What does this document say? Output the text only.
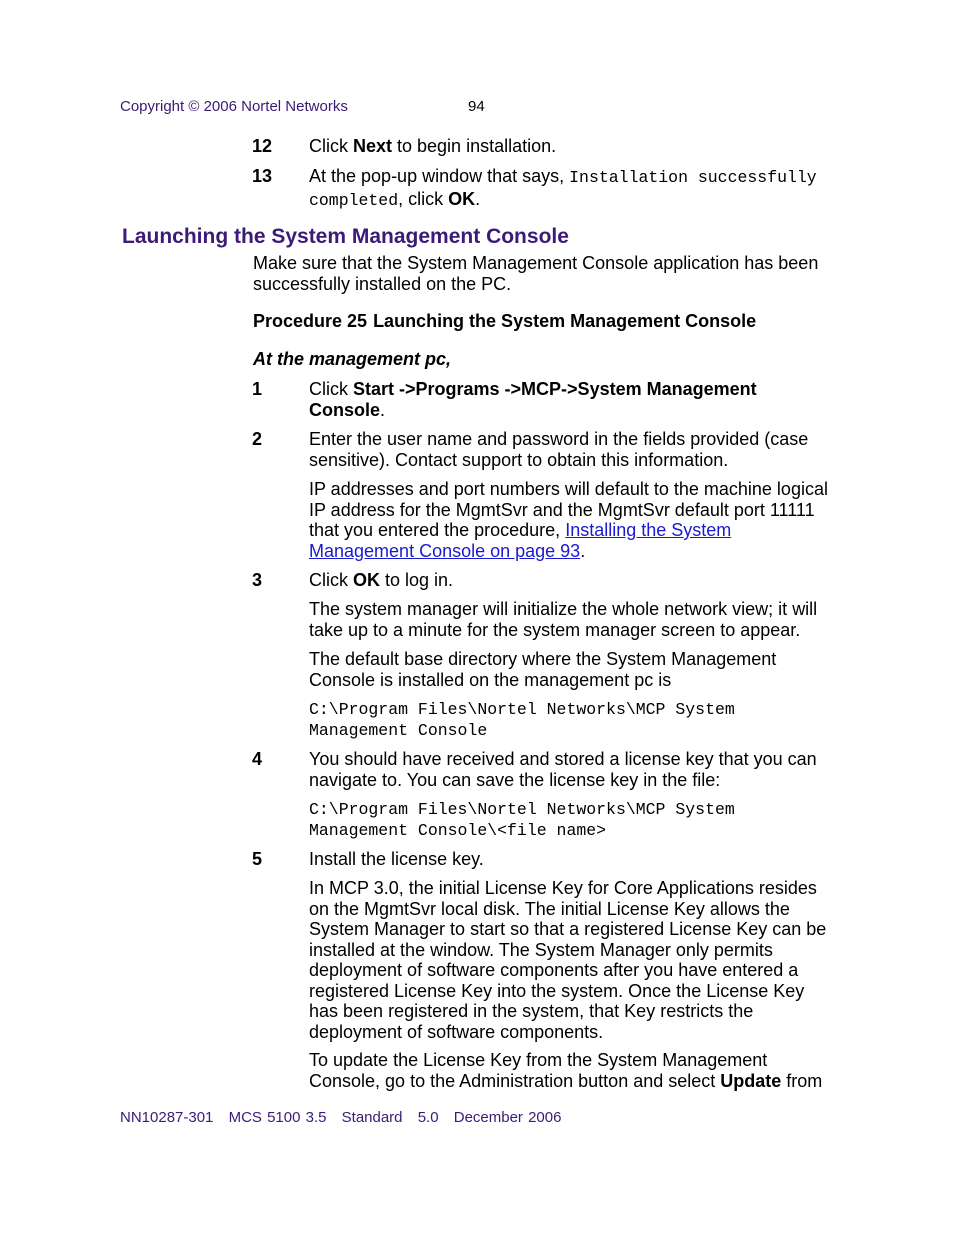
Copyright © 2006 Nortel Networks	94
12 Click Next to begin installation.
13 At the pop-up window that says, Installation successfully completed, click OK.
Launching the System Management Console
Make sure that the System Management Console application has been successfully installed on the PC.
Procedure 25 Launching the System Management Console
At the management pc,
1	Click Start ->Programs ->MCP->System Management Console.
2	Enter the user name and password in the fields provided (case sensitive). Contact support to obtain this information.
IP addresses and port numbers will default to the machine logical IP address for the MgmtSvr and the MgmtSvr default port 11111 that you entered the procedure, Installing the System Management Console on page 93.
3	Click OK to log in.
The system manager will initialize the whole network view; it will take up to a minute for the system manager screen to appear.
The default base directory where the System Management Console is installed on the management pc is
C:\Program Files\Nortel Networks\MCP System Management Console
4	You should have received and stored a license key that you can navigate to. You can save the license key in the file:
C:\Program Files\Nortel Networks\MCP System Management Console\<file name>
5	Install the license key.
In MCP 3.0, the initial License Key for Core Applications resides on the MgmtSvr local disk. The initial License Key allows the System Manager to start so that a registered License Key can be installed at the window. The System Manager only permits deployment of software components after you have entered a registered License Key into the system. Once the License Key has been registered in the system, that Key restricts the deployment of software components.
To update the License Key from the System Management Console, go to the Administration button and select Update from
NN10287-301 MCS 5100 3.5 Standard 5.0 December 2006
